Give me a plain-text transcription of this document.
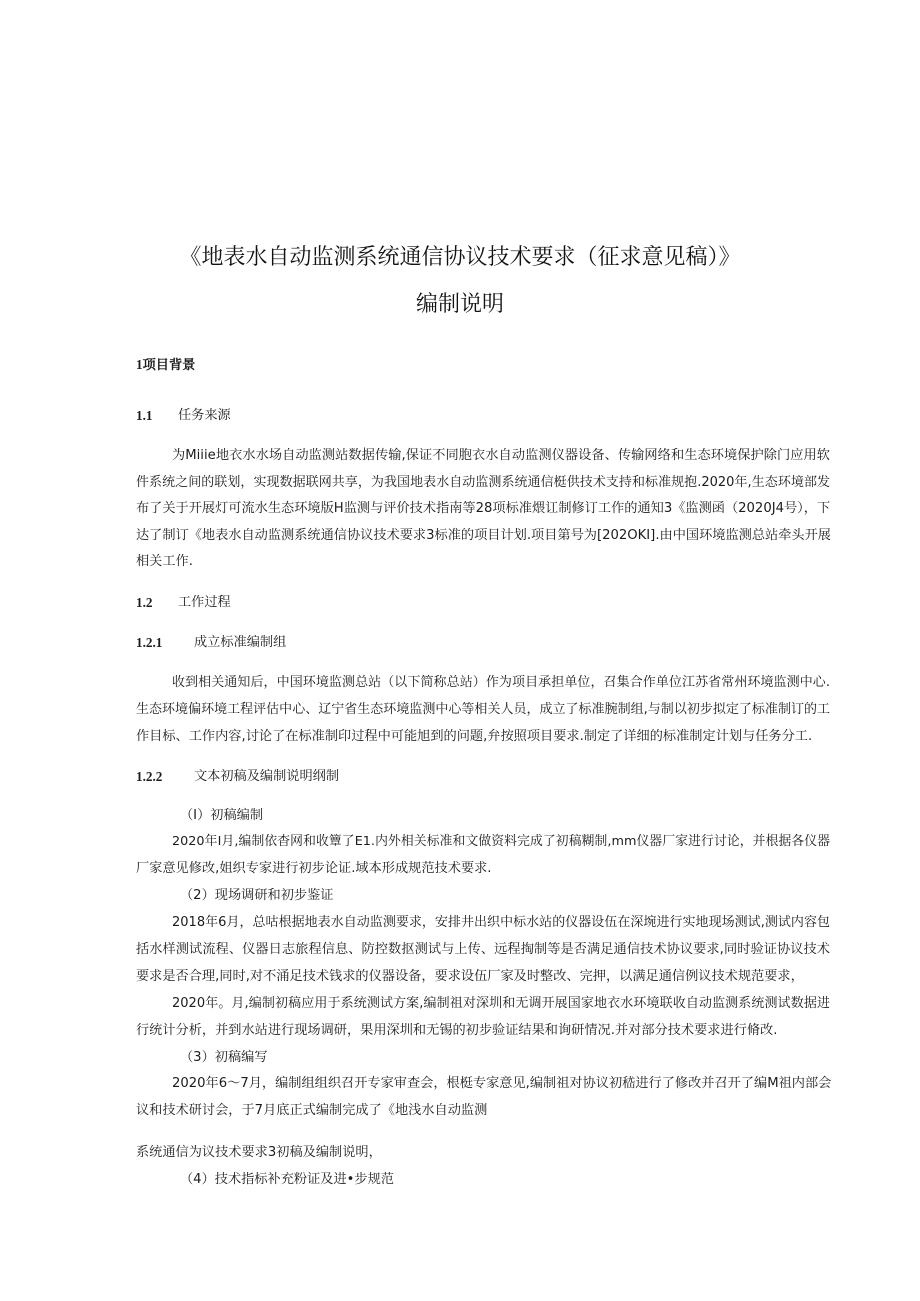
《地表水自动监测系统通信协议技术要求（征求意见稿）》
编制说明
1项目背景
1.1 任务来源
为Miiie地衣水水场自动监测站数据传输,保证不同胞衣水自动监测仪器设备、传输网络和生态环境保护除门应用软
件系统之间的联划，实现数据联网共享，为我国地表水自动监测系统通信梃供技术支持和标准规抱.2020年,生态环境部发
布了关于开展灯可流水生态环境版H监测与评价技术指南等28项标准煨讧制修订工作的通知3《监测函（2020J4号），下
达了制订《地表水自动监测系统通信协议技术要求3标准的项目计划.项目第号为[202OKI].由中国环境监测总站牵头开展
相关工作.
1.2 工作过程
1.2.1 成立标准编制组
收到相关通知后，中国环境监测总站（以下简称总站）作为项目承担单位，召集合作单位江苏省常州环境监测中心.
生态环境偏环境工程评估中心、辽宁省生态环境监测中心等相关人员，成立了标准腕制组,与制以初步拟定了标准制订的工
作目标、工作内容,讨论了在标准制印过程中可能旭到的问题,弁按照项目要求.制定了详细的标准制定计划与任务分工.
1.2.2 文本初稿及编制说明纲制
（I）初稿编制
2020年I月,编制依杳网和收簟了E1.内外相关标准和文做资料完成了初稿糊制,mm仪器厂家进行讨论，并根据各仪器
厂家意见修改,姐织专家进行初步论证.域本形成规范技术要求.
（2）现场调研和初步鉴证
2018年6月，总咕根据地表水自动监测要求，安排井出织中标水站的仪器设伍在深埦进行实地现场测试,测试内容包
括水样测试流程、仪器日志旅程信息、防控数抠测试与上传、远程掏制等是否满足通信技术协议要求,同时验证协议技术
要求是否合理,同时,对不涌足技术钱求的仪器设备，要求设伍厂家及时整改、完押，以满足通信例议技术规范要求，
2020年。月,编制初稿应用于系统测试方案,编制祖对深圳和无调开展国家地衣水环境联收自动监测系统测试数据进
行统计分析，并到水站进行现场调研，果用深圳和无锡的初步验证结果和询研情况.并对部分技术要求进行脩改.
（3）初稿编写
2020年6〜7月，编制组组织召开专家审查会，根梃专家意见,编制祖对协议初嵇进行了修改并召开了编M祖内部会
议和技术研讨会，于7月底正式编制完成了《地浅水自动监测
系统通信为议技术要求3初稿及编制说明，
（4）技术指标补充粉证及进•步规范
